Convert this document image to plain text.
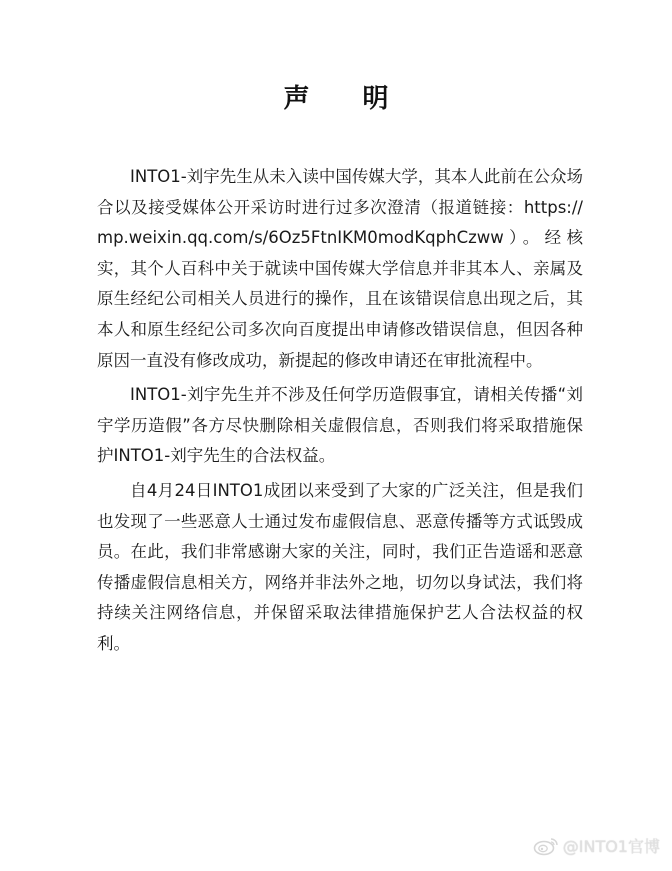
声 明

INTO1-刘宇先生从未入读中国传媒大学，其本人此前在公众场合以及接受媒体公开采访时进行过多次澄清（报道链接：https://mp.weixin.qq.com/s/6Oz5FtnIKM0modKqphCzww）。经核实，其个人百科中关于就读中国传媒大学信息并非其本人、亲属及原生经纪公司相关人员进行的操作，且在该错误信息出现之后，其本人和原生经纪公司多次向百度提出申请修改错误信息，但因各种原因一直没有修改成功，新提起的修改申请还在审批流程中。

INTO1-刘宇先生并不涉及任何学历造假事宜，请相关传播“刘宇学历造假”各方尽快删除相关虚假信息，否则我们将采取措施保护INTO1-刘宇先生的合法权益。

自4月24日INTO1成团以来受到了大家的广泛关注，但是我们也发现了一些恶意人士通过发布虚假信息、恶意传播等方式诋毁成员。在此，我们非常感谢大家的关注，同时，我们正告造谣和恶意传播虚假信息相关方，网络并非法外之地，切勿以身试法，我们将持续关注网络信息，并保留采取法律措施保护艺人合法权益的权利。

@INTO1官博
